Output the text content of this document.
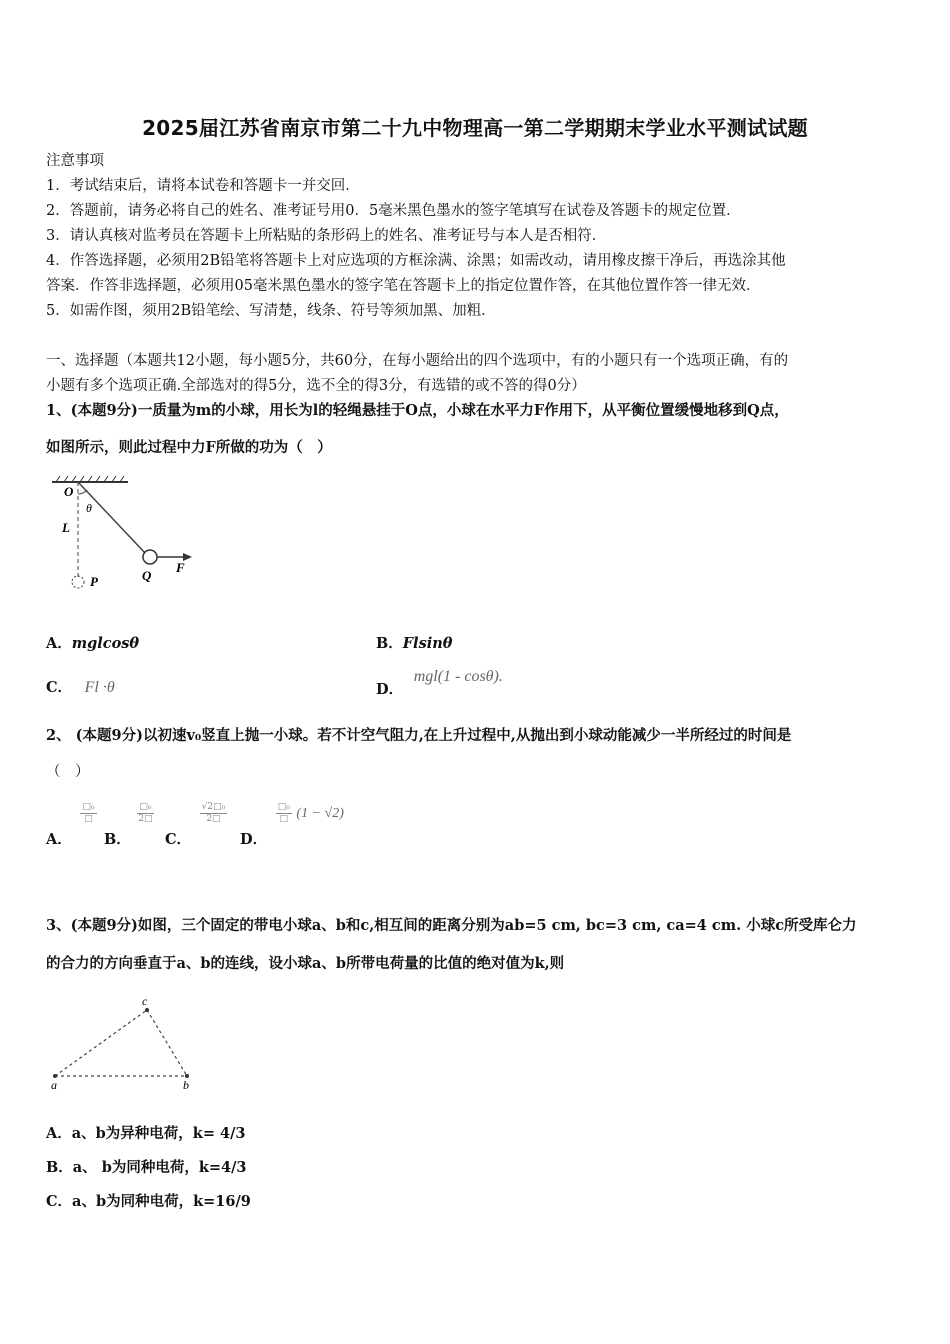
2025届江苏省南京市第二十九中物理高一第二学期期末学业水平测试试题
注意事项
1．考试结束后，请将本试卷和答题卡一并交回．
2．答题前，请务必将自己的姓名、准考证号用0．5毫米黑色墨水的签字笔填写在试卷及答题卡的规定位置．
3．请认真核对监考员在答题卡上所粘贴的条形码上的姓名、准考证号与本人是否相符．
4．作答选择题，必须用2B铅笔将答题卡上对应选项的方框涂满、涂黑；如需改动，请用橡皮擦干净后，再选涂其他
答案．作答非选择题，必须用05毫米黑色墨水的签字笔在答题卡上的指定位置作答，在其他位置作答一律无效．
5．如需作图，须用2B铅笔绘、写清楚，线条、符号等须加黑、加粗．
一、选择题（本题共12小题，每小题5分，共60分，在每小题给出的四个选项中，有的小题只有一个选项正确，有的
小题有多个选项正确.全部选对的得5分，选不全的得3分，有选错的或不答的得0分）
1、(本题9分)一质量为m的小球，用长为l的轻绳悬挂于O点，小球在水平力F作用下，从平衡位置缓慢地移到Q点，
如图所示，则此过程中力F所做的功为（　）
O
θ
L
P	Q
F
A．mglcosθ	B．Flsinθ
C． Fl ·θ	D． mgl(1 - cosθ).
2、 (本题9分)以初速v₀竖直上抛一小球。若不计空气阻力,在上升过程中,从抛出到小球动能减少一半所经过的时间是
（　）
A．
$\frac{\text{□₀}}{□}$
B．
$\frac{\text{□₀}}{2□}$
C．
$\frac{\text{√2□₀}}{2□}$
D．
$\frac{\text{□₀}}{□} (1 - √2)$
3、(本题9分)如图，三个固定的带电小球a、b和c,相互间的距离分别为ab=5 cm, bc=3 cm, ca=4 cm. 小球c所受库仑力
的合力的方向垂直于a、b的连线，设小球a、b所带电荷量的比值的绝对值为k,则
a	b
c
A．a、b为异种电荷，k= 4/3
B．a、 b为同种电荷，k=4/3
C．a、b为同种电荷，k=16/9
